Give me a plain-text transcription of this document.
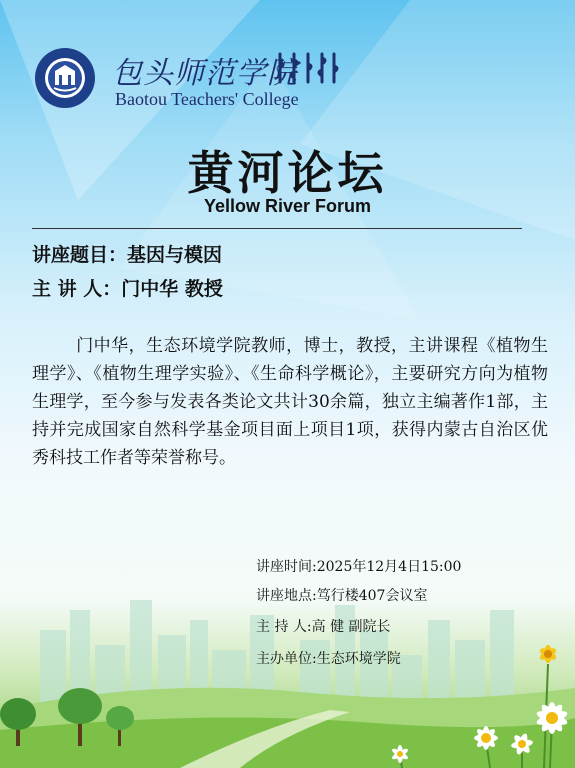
包头师范学院
Baotou Teachers' College
黄河论坛
Yellow River Forum
讲座题目：基因与模因
主 讲 人：门中华 教授
门中华，生态环境学院教师，博士，教授，主讲课程《植物生理学》、《植物生理学实验》、《生命科学概论》，主要研究方向为植物生理学，至今参与发表各类论文共计30余篇，独立主编著作1部，主持并完成国家自然科学基金项目面上项目1项，获得内蒙古自治区优秀科技工作者等荣誉称号。
讲座时间:2025年12月4日15:00
讲座地点:笃行楼407会议室
主 持 人:高 健 副院长
主办单位:生态环境学院
